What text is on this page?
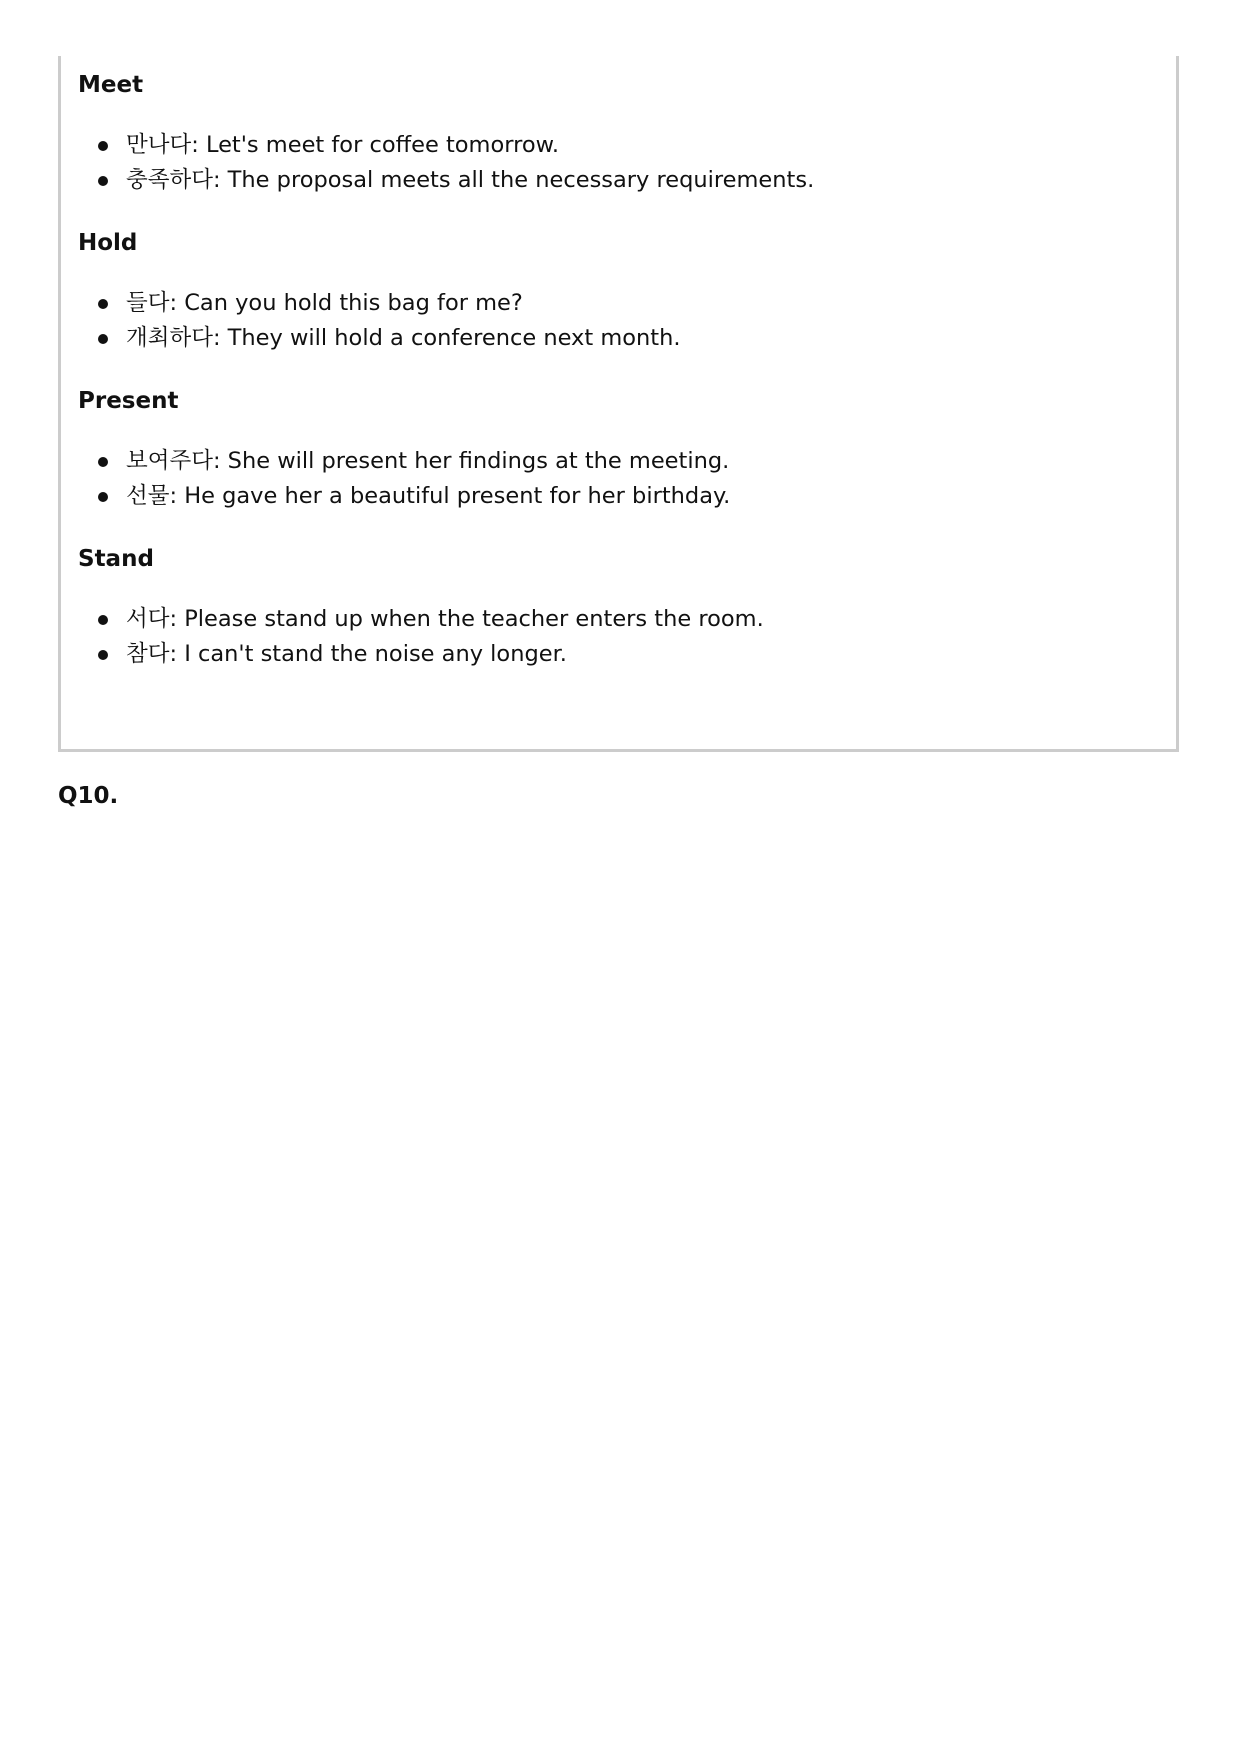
Meet
만나다: Let's meet for coffee tomorrow.
충족하다: The proposal meets all the necessary requirements.
Hold
들다: Can you hold this bag for me?
개최하다: They will hold a conference next month.
Present
보여주다: She will present her findings at the meeting.
선물: He gave her a beautiful present for her birthday.
Stand
서다: Please stand up when the teacher enters the room.
참다: I can't stand the noise any longer.
Q10.
